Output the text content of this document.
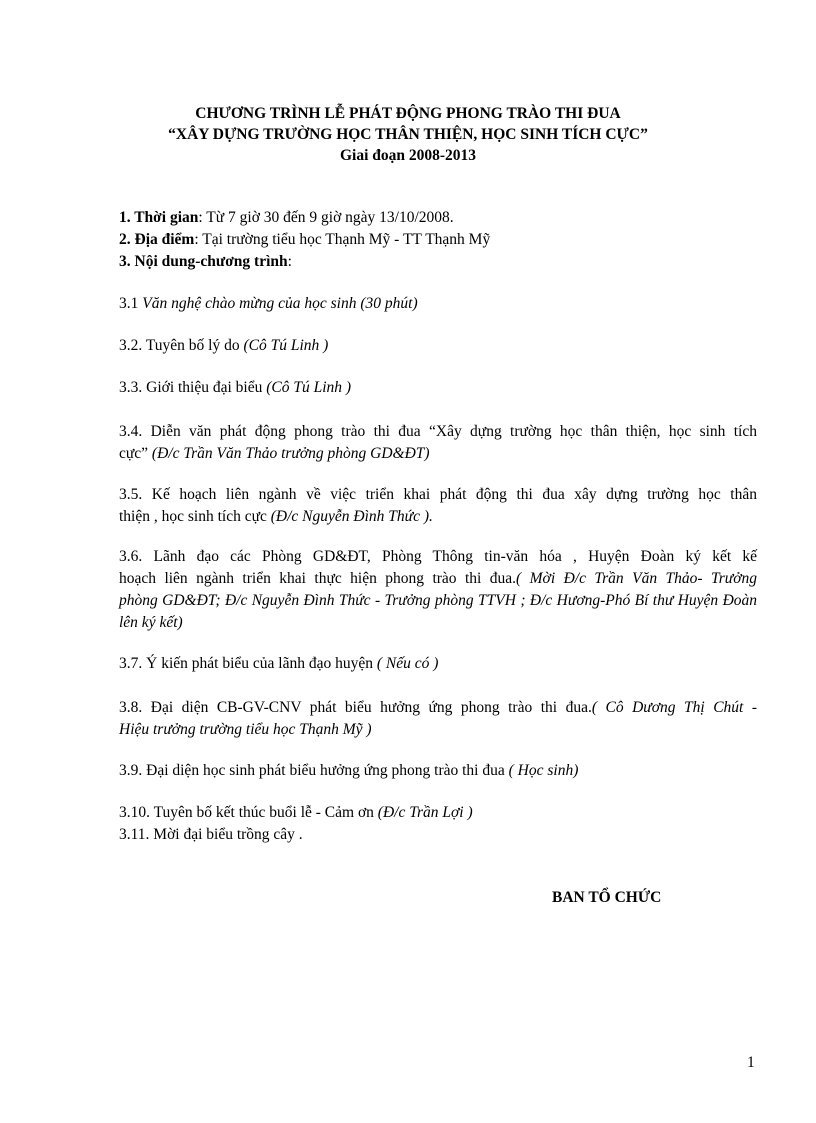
CHƯƠNG TRÌNH LỄ PHÁT ĐỘNG PHONG TRÀO THI ĐUA
“XÂY DỰNG TRƯỜNG HỌC THÂN THIỆN, HỌC SINH TÍCH CỰC”
Giai đoạn 2008-2013
1. Thời gian: Từ 7 giờ 30 đến 9 giờ ngày 13/10/2008.
2. Địa điểm: Tại trường tiểu học Thạnh Mỹ - TT Thạnh Mỹ
3. Nội dung-chương trình:
3.1 Văn nghệ chào mừng của học sinh (30 phút)
3.2. Tuyên bố lý do (Cô Tú Linh )
3.3. Giới thiệu đại biểu (Cô Tú Linh )
3.4. Diễn văn phát động phong trào thi đua “Xây dựng trường học thân thiện, học sinh tích
cực” (Đ/c Trần Văn Thảo trưởng phòng GD&ĐT)
3.5. Kế hoạch liên ngành về việc triển khai phát động thi đua xây dựng trường học thân
thiện , học sinh tích cực (Đ/c Nguyễn Đình Thức ).
3.6. Lãnh đạo các Phòng GD&ĐT, Phòng Thông tin-văn hóa , Huyện Đoàn ký kết kế
hoạch liên ngành triển khai thực hiện phong trào thi đua.( Mời Đ/c Trần Văn Thảo- Trưởng
phòng GD&ĐT; Đ/c Nguyễn Đình Thức - Trưởng phòng TTVH ; Đ/c Hương-Phó Bí thư Huyện Đoàn lên ký kết)
3.7. Ý kiến phát biểu của lãnh đạo huyện ( Nếu có )
3.8. Đại diện CB-GV-CNV phát biểu hưởng ứng phong trào thi đua.( Cô Dương Thị Chút -
Hiệu trưởng trường tiểu học Thạnh Mỹ )
3.9. Đại diện học sinh phát biểu hưởng ứng phong trào thi đua ( Học sinh)
3.10. Tuyên bố kết thúc buổi lễ - Cảm ơn (Đ/c Trần Lợi )
3.11. Mời đại biểu trồng cây .
BAN TỔ CHỨC
1
